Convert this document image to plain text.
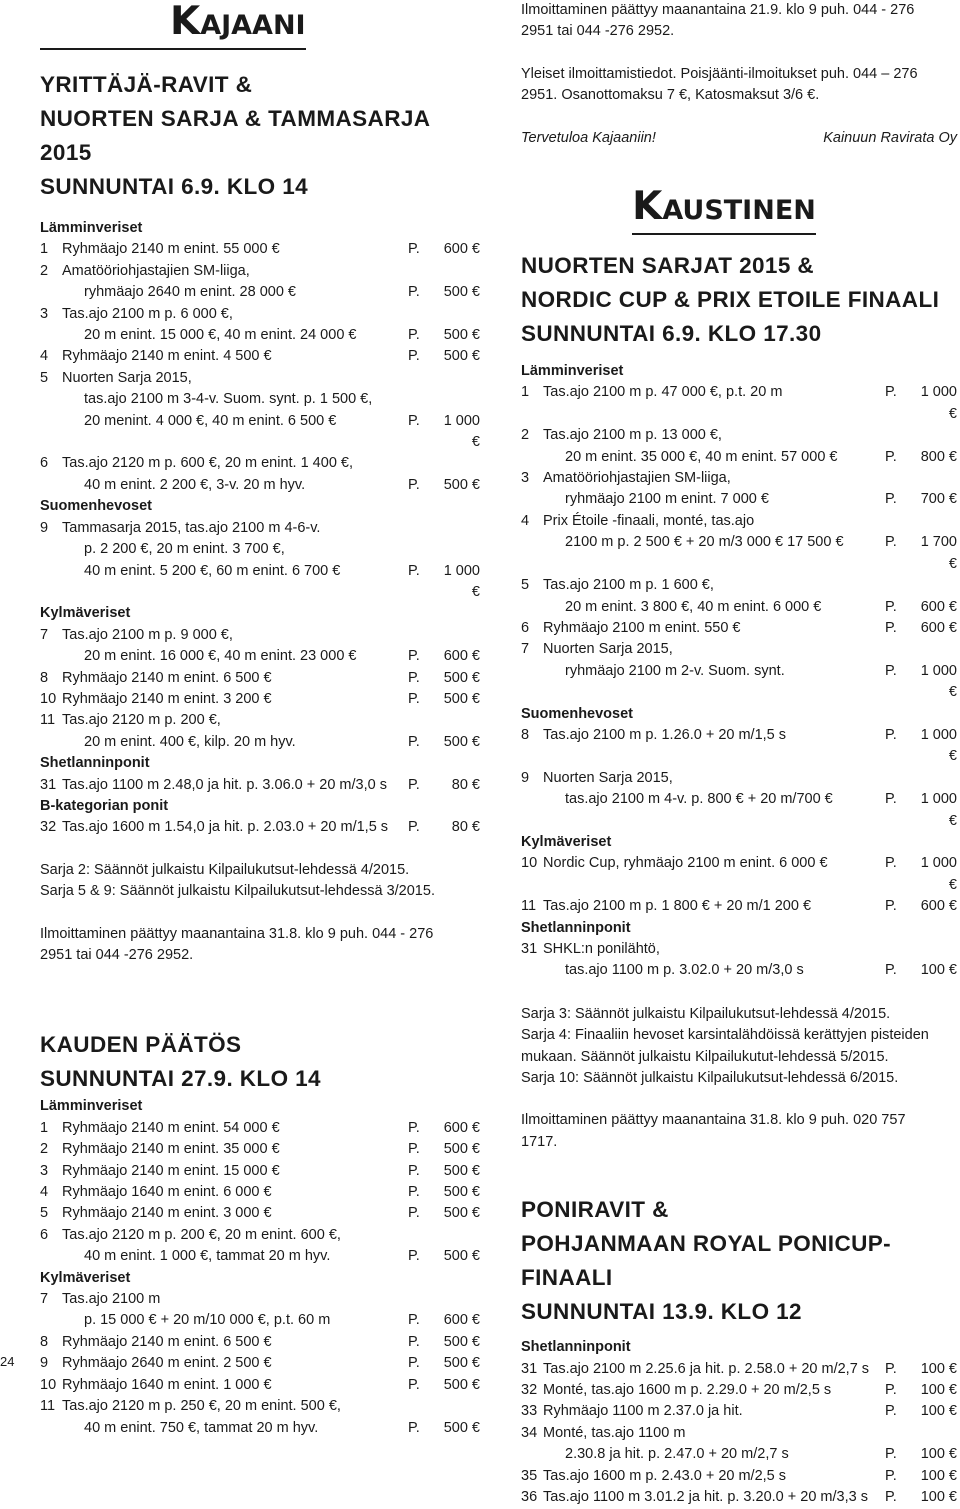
24
Kajaani
YRITTÄJÄ-RAVIT &
NUORTEN SARJA & TAMMASARJA 2015
SUNNUNTAI 6.9. KLO 14
Lämminveriset
1 Ryhmäajo 2140 m enint. 55 000 €	P.	600 €
2 Amatööriohjastajien SM-liiga,
ryhmäajo 2640 m enint. 28 000 €	P.	500 €
3 Tas.ajo 2100 m p. 6 000 €,
20 m enint. 15 000 €, 40 m enint. 24 000 €	P.	500 €
4 Ryhmäajo 2140 m enint. 4 500 €	P.	500 €
5 Nuorten Sarja 2015,
tas.ajo 2100 m 3-4-v. Suom. synt. p. 1 500 €,
20 menint. 4 000 €, 40 m enint. 6 500 €	P.	1 000 €
6 Tas.ajo 2120 m p. 600 €, 20 m enint. 1 400 €,
40 m enint. 2 200 €, 3-v. 20 m hyv.	P.	500 €
Suomenhevoset
9 Tammasarja 2015, tas.ajo 2100 m 4-6-v.
p. 2 200 €, 20 m enint. 3 700 €,
40 m enint. 5 200 €, 60 m enint. 6 700 €	P.	1 000 €
Kylmäveriset
7 Tas.ajo 2100 m p. 9 000 €,
20 m enint. 16 000 €, 40 m enint. 23 000 €	P.	600 €
8 Ryhmäajo 2140 m enint. 6 500 €	P.	500 €
10 Ryhmäajo 2140 m enint. 3 200 €	P.	500 €
11 Tas.ajo 2120 m p. 200 €,
20 m enint. 400 €, kilp. 20 m hyv.	P.	500 €
Shetlanninponit
31 Tas.ajo 1100 m 2.48,0 ja hit. p. 3.06.0 + 20 m/3,0 s	P.	80 €
B-kategorian ponit
32 Tas.ajo 1600 m 1.54,0 ja hit. p. 2.03.0 + 20 m/1,5 s	P.	80 €

Sarja 2: Säännöt julkaistu Kilpailukutsut-lehdessä 4/2015.

Sarja 5 & 9: Säännöt julkaistu Kilpailukutsut-lehdessä 3/2015.

Ilmoittaminen päättyy maanantaina 31.8. klo 9 puh. 044 - 276

2951 tai 044 -276 2952.

KAUDEN PÄÄTÖS
SUNNUNTAI 27.9. KLO 14
Lämminveriset
1 Ryhmäajo 2140 m enint. 54 000 €	P.	600 €
2 Ryhmäajo 2140 m enint. 35 000 €	P.	500 €
3 Ryhmäajo 2140 m enint. 15 000 €	P.	500 €
4 Ryhmäajo 1640 m enint. 6 000 €	P.	500 €
5 Ryhmäajo 2140 m enint. 3 000 €	P.	500 €
6 Tas.ajo 2120 m p. 200 €, 20 m enint. 600 €,
40 m enint. 1 000 €, tammat 20 m hyv.	P.	500 €
Kylmäveriset
7 Tas.ajo 2100 m
p. 15 000 € + 20 m/10 000 €, p.t. 60 m	P.	600 €
8 Ryhmäajo 2140 m enint. 6 500 €	P.	500 €
9 Ryhmäajo 2640 m enint. 2 500 €	P.	500 €
10 Ryhmäajo 1640 m enint. 1 000 €	P.	500 €
11 Tas.ajo 2120 m p. 250 €, 20 m enint. 500 €,
40 m enint. 750 €, tammat 20 m hyv.	P.	500 €

Ilmoittaminen päättyy maanantaina 21.9. klo 9 puh. 044 - 276

2951 tai 044 -276 2952.

Yleiset ilmoittamistiedot. Poisjäänti-ilmoitukset puh. 044 – 276

2951. Osanottomaksu 7 €, Katosmaksut 3/6 €.

Tervetuloa Kajaaniin!	Kainuun Ravirata Oy
Kaustinen
NUORTEN SARJAT 2015 &
NORDIC CUP & PRIX ETOILE FINAALI
SUNNUNTAI 6.9. KLO 17.30
Lämminveriset
1 Tas.ajo 2100 m p. 47 000 €, p.t. 20 m	P.	1 000 €
2 Tas.ajo 2100 m p. 13 000 €,
20 m enint. 35 000 €, 40 m enint. 57 000 €	P.	800 €
3 Amatööriohjastajien SM-liiga,
ryhmäajo 2100 m enint. 7 000 €	P.	700 €
4 Prix Étoile -finaali, monté, tas.ajo
2100 m p. 2 500 € + 20 m/3 000 € 17 500 €	P.	1 700 €
5 Tas.ajo 2100 m p. 1 600 €,
20 m enint. 3 800 €, 40 m enint. 6 000 €	P.	600 €
6 Ryhmäajo 2100 m enint. 550 €	P.	600 €
7 Nuorten Sarja 2015,
ryhmäajo 2100 m 2-v. Suom. synt.	P.	1 000 €
Suomenhevoset
8 Tas.ajo 2100 m p. 1.26.0 + 20 m/1,5 s	P.	1 000 €
9 Nuorten Sarja 2015,
tas.ajo 2100 m 4-v. p. 800 € + 20 m/700 €	P.	1 000 €
Kylmäveriset
10 Nordic Cup, ryhmäajo 2100 m enint. 6 000 €	P.	1 000 €
11 Tas.ajo 2100 m p. 1 800 € + 20 m/1 200 €	P.	600 €
Shetlanninponit
31 SHKL:n ponilähtö,
tas.ajo 1100 m p. 3.02.0 + 20 m/3,0 s	P.	100 €

Sarja 3: Säännöt julkaistu Kilpailukutsut-lehdessä 4/2015.

Sarja 4: Finaaliin hevoset karsintalähdöissä kerättyjen pisteiden

mukaan. Säännöt julkaistu Kilpailukutut-lehdessä 5/2015.

Sarja 10: Säännöt julkaistu Kilpailukutsut-lehdessä 6/2015.

Ilmoittaminen päättyy maanantaina 31.8. klo 9 puh. 020 757

1717.

PONIRAVIT &
POHJANMAAN ROYAL PONICUP-FINAALI
SUNNUNTAI 13.9. KLO 12
Shetlanninponit
31 Tas.ajo 2100 m 2.25.6 ja hit. p. 2.58.0 + 20 m/2,7 s	P.	100 €
32 Monté, tas.ajo 1600 m p. 2.29.0 + 20 m/2,5 s	P.	100 €
33 Ryhmäajo 1100 m 2.37.0 ja hit.	P.	100 €
34 Monté, tas.ajo 1100 m
2.30.8 ja hit. p. 2.47.0 + 20 m/2,7 s	P.	100 €
35 Tas.ajo 1600 m p. 2.43.0 + 20 m/2,5 s	P.	100 €
36 Tas.ajo 1100 m 3.01.2 ja hit. p. 3.20.0 + 20 m/3,3 s	P.	100 €
